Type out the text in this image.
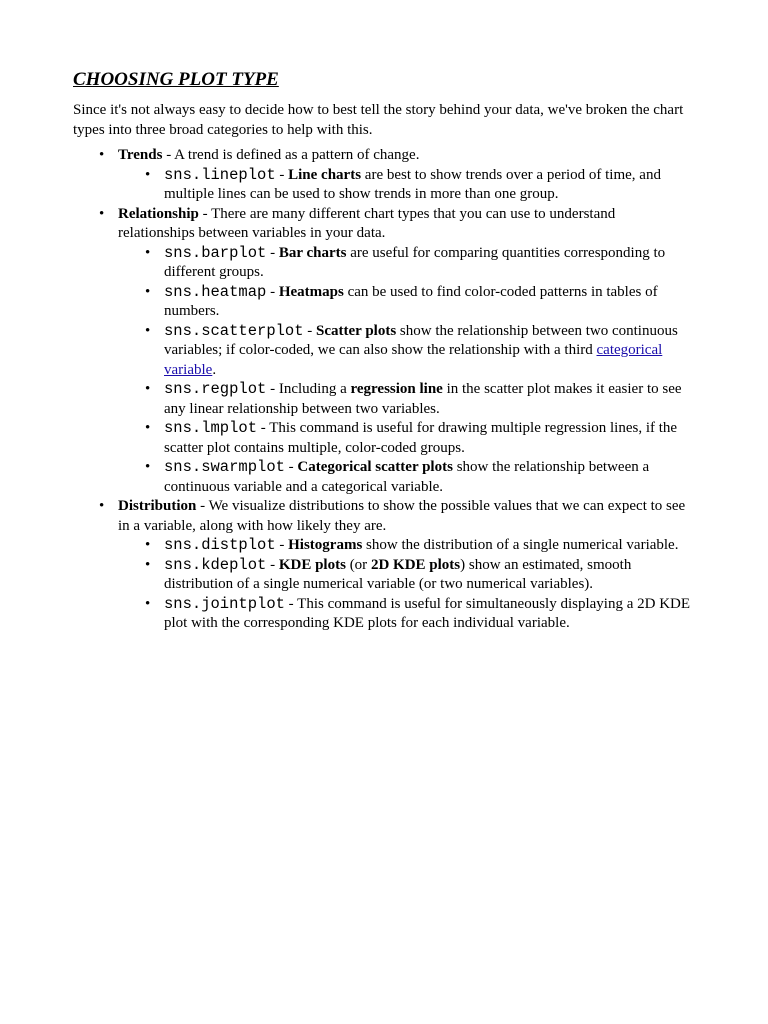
CHOOSING PLOT TYPE
Since it's not always easy to decide how to best tell the story behind your data, we've broken the chart types into three broad categories to help with this.
• Trends - A trend is defined as a pattern of change.
• sns.lineplot - Line charts are best to show trends over a period of time, and multiple lines can be used to show trends in more than one group.
• Relationship - There are many different chart types that you can use to understand relationships between variables in your data.
• sns.barplot - Bar charts are useful for comparing quantities corresponding to different groups.
• sns.heatmap - Heatmaps can be used to find color-coded patterns in tables of numbers.
• sns.scatterplot - Scatter plots show the relationship between two continuous variables; if color-coded, we can also show the relationship with a third categorical variable.
• sns.regplot - Including a regression line in the scatter plot makes it easier to see any linear relationship between two variables.
• sns.lmplot - This command is useful for drawing multiple regression lines, if the scatter plot contains multiple, color-coded groups.
• sns.swarmplot - Categorical scatter plots show the relationship between a continuous variable and a categorical variable.
• Distribution - We visualize distributions to show the possible values that we can expect to see in a variable, along with how likely they are.
• sns.distplot - Histograms show the distribution of a single numerical variable.
• sns.kdeplot - KDE plots (or 2D KDE plots) show an estimated, smooth distribution of a single numerical variable (or two numerical variables).
• sns.jointplot - This command is useful for simultaneously displaying a 2D KDE plot with the corresponding KDE plots for each individual variable.
